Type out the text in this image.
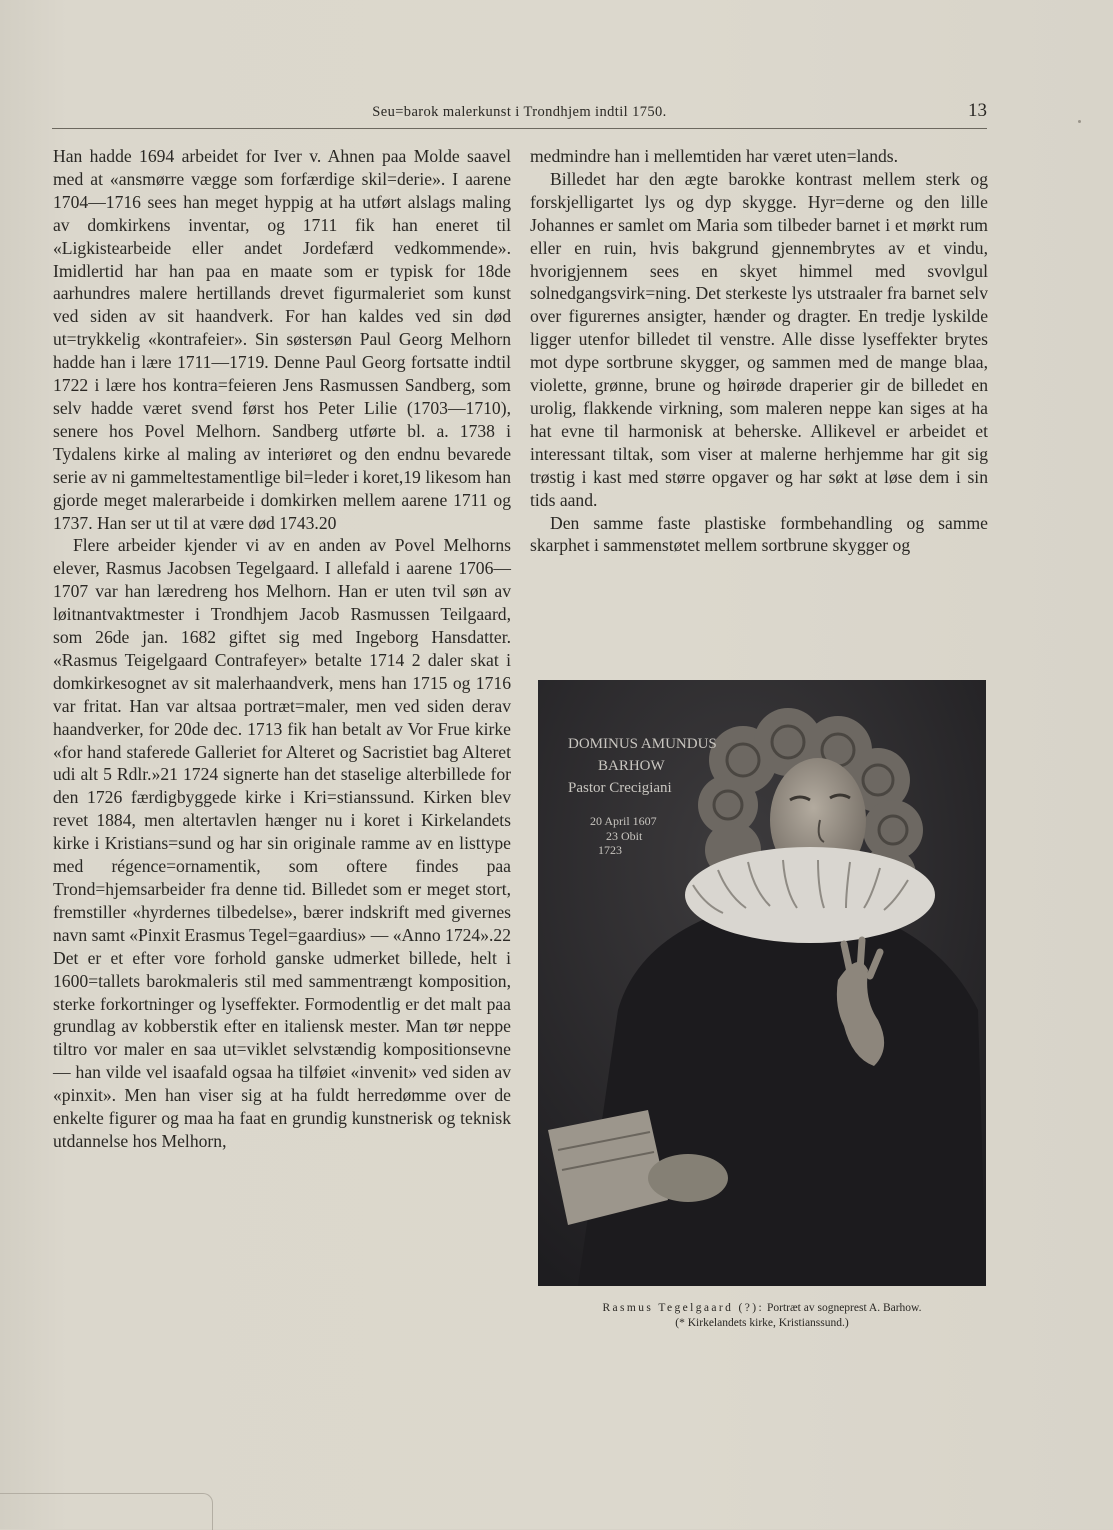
Seu=barok malerkunst i Trondhjem indtil 1750.	13

Han hadde 1694 arbeidet for Iver v. Ahnen paa Molde saavel med at «ansmørre vægge som forfærdige skil=derie». I aarene 1704—1716 sees han meget hyppig at ha utført alslags maling av domkirkens inventar, og 1711 fik han eneret til «Ligkistearbeide eller andet Jordefærd vedkommende». Imidlertid har han paa en maate som er typisk for 18de aarhundres malere hertillands drevet figurmaleriet som kunst ved siden av sit haandverk. For han kaldes ved sin død ut=trykkelig «kontrafeier». Sin søstersøn Paul Georg Melhorn hadde han i lære 1711—1719. Denne Paul Georg fortsatte indtil 1722 i lære hos kontra=feieren Jens Rasmussen Sandberg, som selv hadde været svend først hos Peter Lilie (1703—1710), senere hos Povel Melhorn. Sandberg utførte bl. a. 1738 i Tydalens kirke al maling av interiøret og den endnu bevarede serie av ni gammeltestamentlige bil=leder i koret,19 likesom han gjorde meget malerarbeide i domkirken mellem aarene 1711 og 1737. Han ser ut til at være død 1743.20

Flere arbeider kjender vi av en anden av Povel Melhorns elever, Rasmus Jacobsen Tegelgaard. I allefald i aarene 1706—1707 var han læredreng hos Melhorn. Han er uten tvil søn av løitnantvaktmester i Trondhjem Jacob Rasmussen Teilgaard, som 26de jan. 1682 giftet sig med Ingeborg Hansdatter. «Rasmus Teigelgaard Contrafeyer» betalte 1714 2 daler skat i domkirkesognet av sit malerhaandverk, mens han 1715 og 1716 var fritat. Han var altsaa portræt=maler, men ved siden derav haandverker, for 20de dec. 1713 fik han betalt av Vor Frue kirke «for hand staferede Galleriet for Alteret og Sacristiet bag Alteret udi alt 5 Rdlr.»21 1724 signerte han det staselige alterbillede for den 1726 færdigbyggede kirke i Kri=stianssund. Kirken blev revet 1884, men altertavlen hænger nu i koret i Kirkelandets kirke i Kristians=sund og har sin originale ramme av en listtype med régence=ornamentik, som oftere findes paa Trond=hjemsarbeider fra denne tid. Billedet som er meget stort, fremstiller «hyrdernes tilbedelse», bærer indskrift med givernes navn samt «Pinxit Erasmus Tegel=gaardius» — «Anno 1724».22 Det er et efter vore forhold ganske udmerket billede, helt i 1600=tallets barokmaleris stil med sammentrængt komposition, sterke forkortninger og lyseffekter. Formodentlig er det malt paa grundlag av kobberstik efter en italiensk mester. Man tør neppe tiltro vor maler en saa ut=viklet selvstændig kompositionsevne — han vilde vel isaafald ogsaa ha tilføiet «invenit» ved siden av «pinxit». Men han viser sig at ha fuldt herredømme over de enkelte figurer og maa ha faat en grundig kunstnerisk og teknisk utdannelse hos Melhorn,

medmindre han i mellemtiden har været uten=lands.

Billedet har den ægte barokke kontrast mellem sterk og forskjelligartet lys og dyp skygge. Hyr=derne og den lille Johannes er samlet om Maria som tilbeder barnet i et mørkt rum eller en ruin, hvis bakgrund gjennembrytes av et vindu, hvorigjennem sees en skyet himmel med svovlgul solnedgangsvirk=ning. Det sterkeste lys utstraaler fra barnet selv over figurernes ansigter, hænder og dragter. En tredje lyskilde ligger utenfor billedet til venstre. Alle disse lyseffekter brytes mot dype sortbrune skygger, og sammen med de mange blaa, violette, grønne, brune og høirøde draperier gir de billedet en urolig, flakkende virkning, som maleren neppe kan siges at ha hat evne til harmonisk at beherske. Allikevel er arbeidet et interessant tiltak, som viser at malerne herhjemme har git sig trøstig i kast med større opgaver og har søkt at løse dem i sin tids aand.

Den samme faste plastiske formbehandling og samme skarphet i sammenstøtet mellem sortbrune skygger og

DOMINUS AMUNDUS
BARHOW
Pastor Crecigiani
20 April 1607
23 Obit
1723
Rasmus Tegelgaard (?): Portræt av sogneprest A. Barhow.
(* Kirkelandets kirke, Kristianssund.)
